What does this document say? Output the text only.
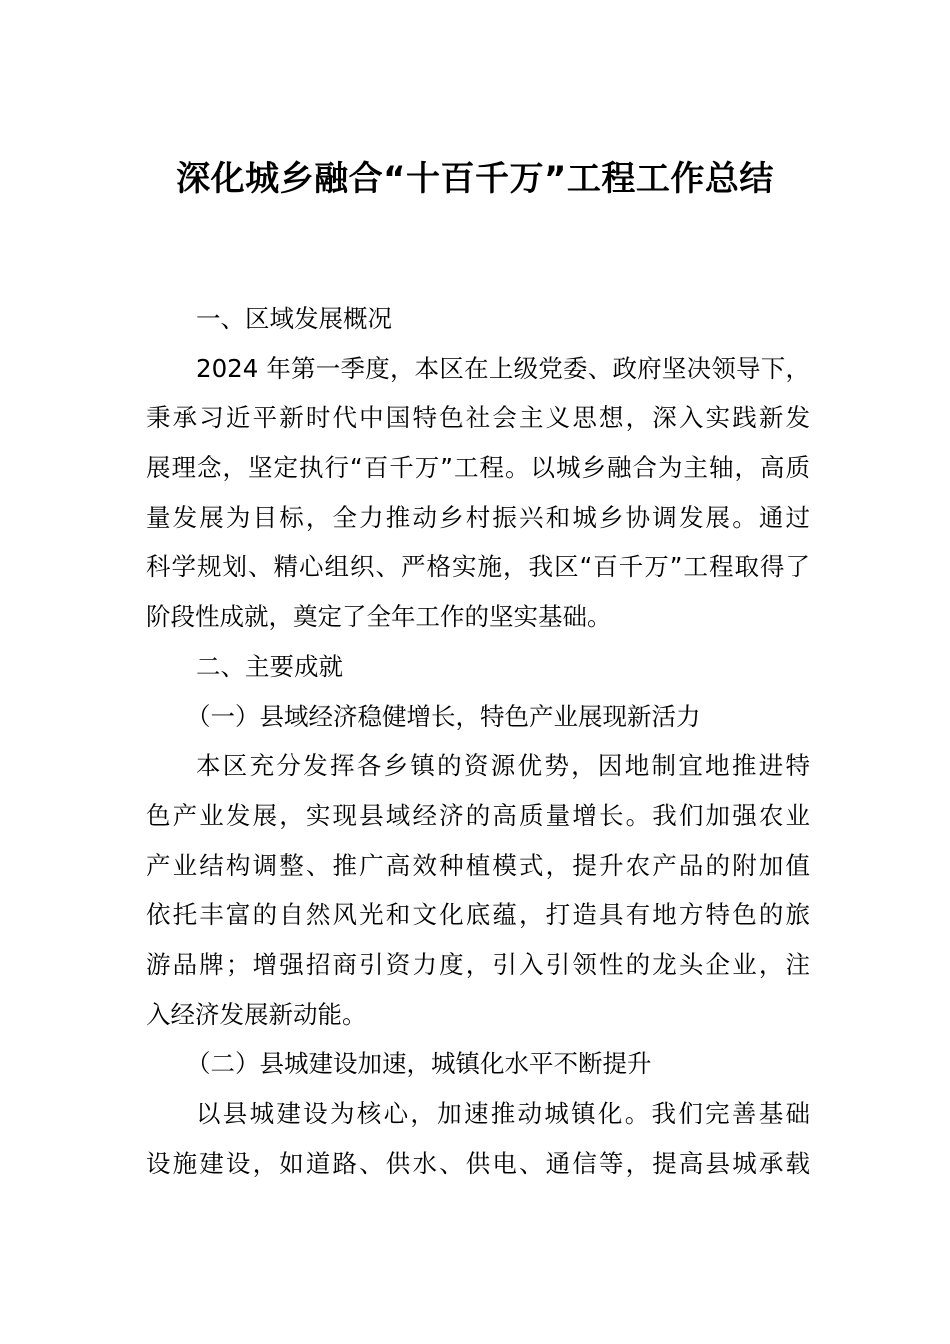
深化城乡融合“十百千万”工程工作总结
一、区域发展概况
2024 年第一季度，本区在上级党委、政府坚决领导下，
秉承习近平新时代中国特色社会主义思想，深入实践新发
展理念，坚定执行“百千万”工程。以城乡融合为主轴，高质
量发展为目标，全力推动乡村振兴和城乡协调发展。通过
科学规划、精心组织、严格实施，我区“百千万”工程取得了
阶段性成就，奠定了全年工作的坚实基础。
二、主要成就
（一）县域经济稳健增长，特色产业展现新活力
本区充分发挥各乡镇的资源优势，因地制宜地推进特
色产业发展，实现县域经济的高质量增长。我们加强农业
产业结构调整、推广高效种植模式，提升农产品的附加值
依托丰富的自然风光和文化底蕴，打造具有地方特色的旅
游品牌；增强招商引资力度，引入引领性的龙头企业，注
入经济发展新动能。
（二）县城建设加速，城镇化水平不断提升
以县城建设为核心，加速推动城镇化。我们完善基础
设施建设，如道路、供水、供电、通信等，提高县城承载
